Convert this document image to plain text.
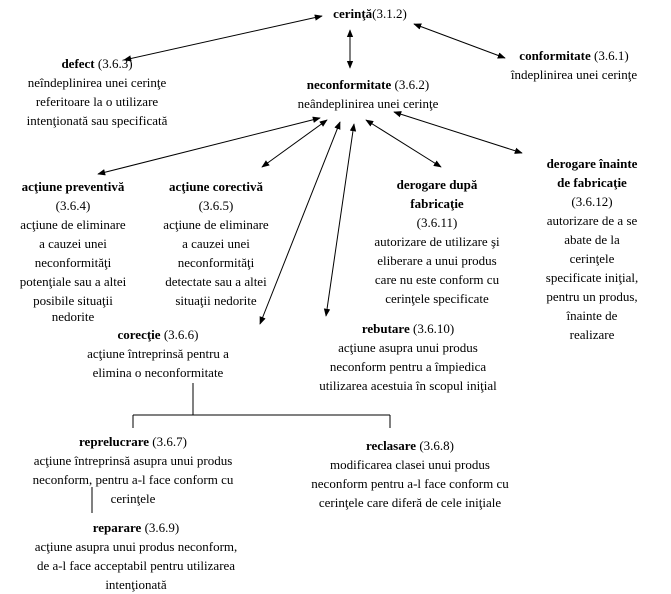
cerinţă(3.1.2)
defect (3.6.3)
neîndeplinirea unei cerinţe
referitoare la o utilizare
intenţionată sau specificată
conformitate (3.6.1)
îndeplinirea unei cerinţe
neconformitate (3.6.2)
neândeplinirea unei cerinţe
acţiune preventivă
(3.6.4)
acţiune de eliminare
a cauzei unei
neconformităţi
potenţiale sau a altei
posibile situaţii
nedorite
acţiune corectivă
(3.6.5)
acţiune de eliminare
a cauzei unei
neconformităţi
detectate sau a altei
situaţii nedorite
derogare după
fabricaţie
(3.6.11)
autorizare de utilizare şi
eliberare a unui produs
care nu este conform cu
cerinţele specificate
derogare înainte
de fabricaţie
(3.6.12)
autorizare de a se
abate de la
cerinţele
specificate iniţial,
pentru un produs,
înainte de
realizare
corecţie (3.6.6)
acţiune întreprinsă pentru a
elimina o neconformitate
rebutare (3.6.10)
acţiune asupra unui produs
neconform pentru a împiedica
utilizarea acestuia în scopul iniţial
reprelucrare (3.6.7)
acţiune întreprinsă asupra unui produs
neconform, pentru a-l face conform cu
cerinţele
reclasare (3.6.8)
modificarea clasei unui produs
neconform pentru a-l face conform cu
cerinţele care diferă de cele iniţiale
reparare (3.6.9)
acţiune asupra unui produs neconform,
de a-l face acceptabil pentru utilizarea
intenţionată
